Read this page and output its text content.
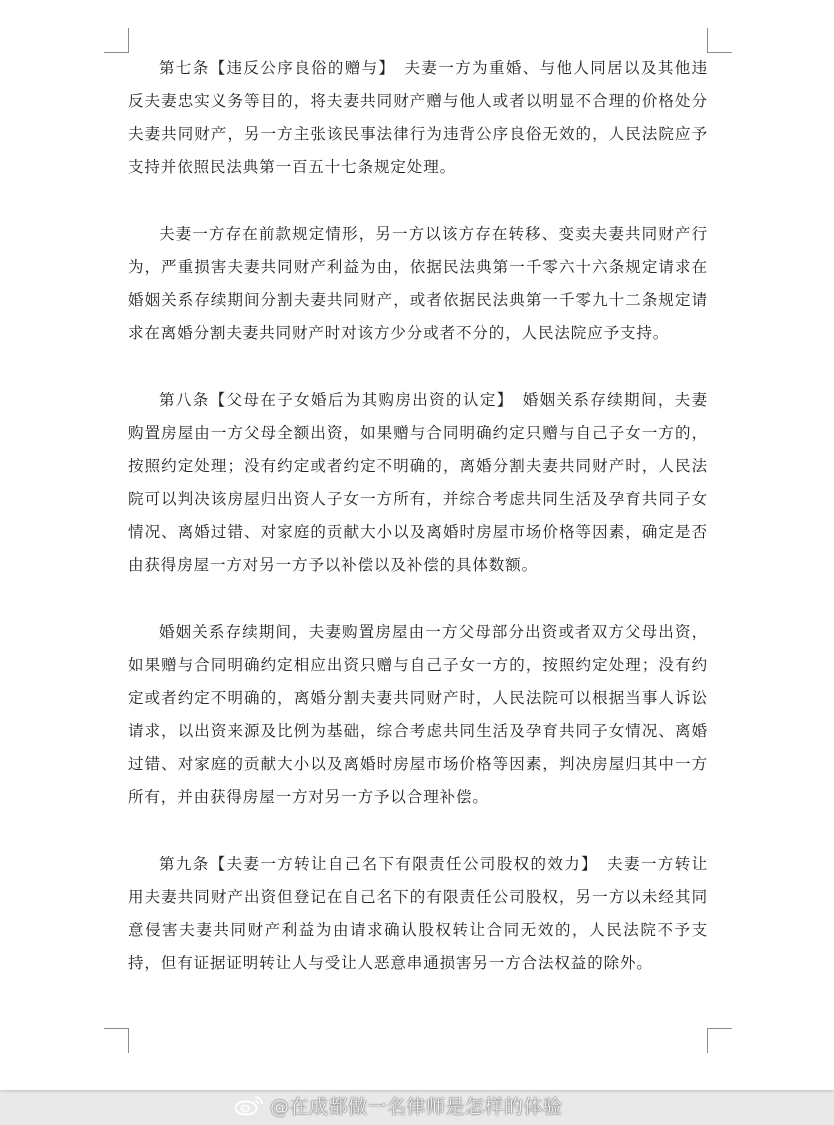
第七条【违反公序良俗的赠与】　夫妻一方为重婚、与他人同居以及其他违反夫妻忠实义务等目的，将夫妻共同财产赠与他人或者以明显不合理的价格处分夫妻共同财产，另一方主张该民事法律行为违背公序良俗无效的，人民法院应予支持并依照民法典第一百五十七条规定处理。

夫妻一方存在前款规定情形，另一方以该方存在转移、变卖夫妻共同财产行为，严重损害夫妻共同财产利益为由，依据民法典第一千零六十六条规定请求在婚姻关系存续期间分割夫妻共同财产，或者依据民法典第一千零九十二条规定请求在离婚分割夫妻共同财产时对该方少分或者不分的，人民法院应予支持。

第八条【父母在子女婚后为其购房出资的认定】　婚姻关系存续期间，夫妻购置房屋由一方父母全额出资，如果赠与合同明确约定只赠与自己子女一方的，按照约定处理；没有约定或者约定不明确的，离婚分割夫妻共同财产时，人民法院可以判决该房屋归出资人子女一方所有，并综合考虑共同生活及孕育共同子女情况、离婚过错、对家庭的贡献大小以及离婚时房屋市场价格等因素，确定是否由获得房屋一方对另一方予以补偿以及补偿的具体数额。

婚姻关系存续期间，夫妻购置房屋由一方父母部分出资或者双方父母出资，如果赠与合同明确约定相应出资只赠与自己子女一方的，按照约定处理；没有约定或者约定不明确的，离婚分割夫妻共同财产时，人民法院可以根据当事人诉讼请求，以出资来源及比例为基础，综合考虑共同生活及孕育共同子女情况、离婚过错、对家庭的贡献大小以及离婚时房屋市场价格等因素，判决房屋归其中一方所有，并由获得房屋一方对另一方予以合理补偿。

第九条【夫妻一方转让自己名下有限责任公司股权的效力】　夫妻一方转让用夫妻共同财产出资但登记在自己名下的有限责任公司股权，另一方以未经其同意侵害夫妻共同财产利益为由请求确认股权转让合同无效的，人民法院不予支持，但有证据证明转让人与受让人恶意串通损害另一方合法权益的除外。

@在成都做一名律师是怎样的体验
